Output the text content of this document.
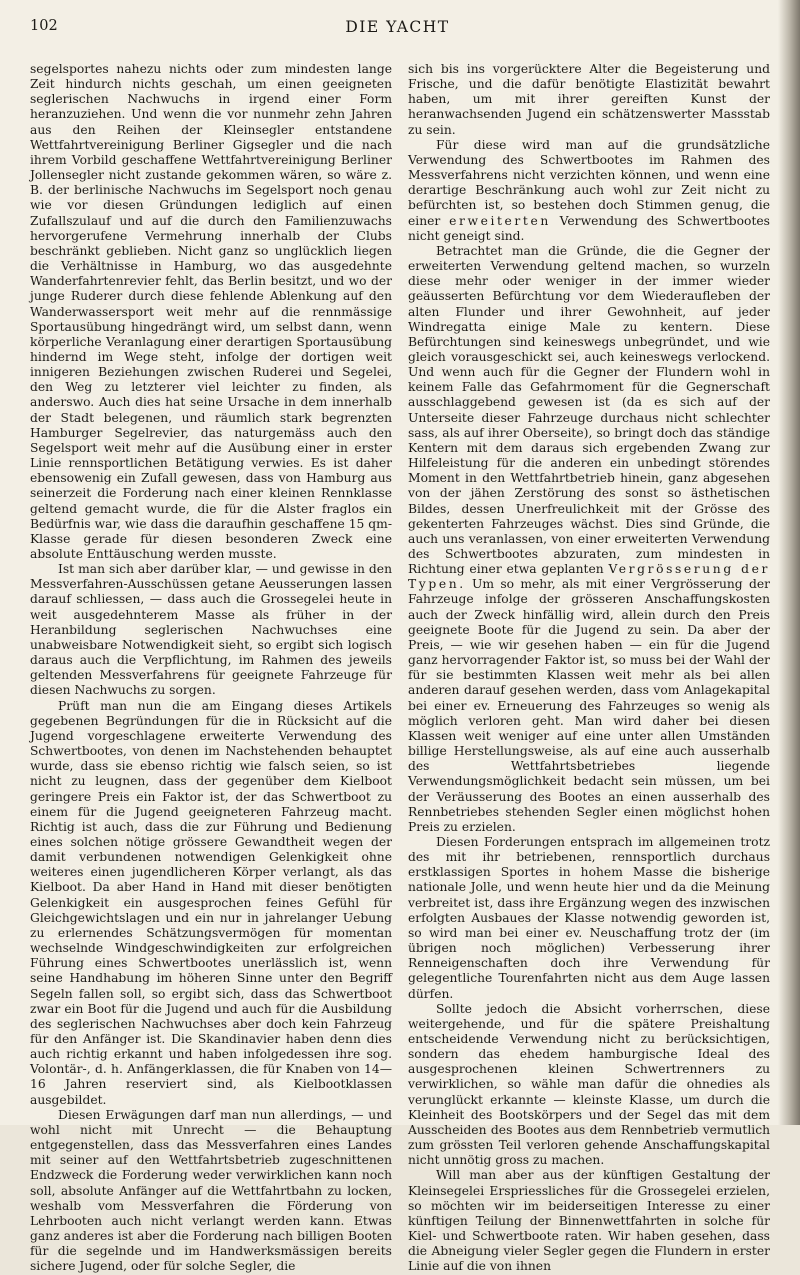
102	DIE YACHT

segelsportes nahezu nichts oder zum mindesten lange Zeit hindurch nichts geschah, um einen geeigneten seglerischen Nachwuchs in irgend einer Form heranzuziehen. Und wenn die vor nunmehr zehn Jahren aus den Reihen der Kleinsegler entstandene Wettfahrtvereinigung Berliner Gigsegler und die nach ihrem Vorbild geschaffene Wettfahrtvereinigung Berliner Jollensegler nicht zustande gekommen wären, so wäre z. B. der berlinische Nachwuchs im Segelsport noch genau wie vor diesen Gründungen lediglich auf einen Zufallszulauf und auf die durch den Familienzuwachs hervorgerufene Vermehrung innerhalb der Clubs beschränkt geblieben. Nicht ganz so unglücklich liegen die Verhältnisse in Hamburg, wo das ausgedehnte Wanderfahrtenrevier fehlt, das Berlin besitzt, und wo der junge Ruderer durch diese fehlende Ablenkung auf den Wanderwassersport weit mehr auf die rennmässige Sportausübung hingedrängt wird, um selbst dann, wenn körperliche Veranlagung einer derartigen Sportausübung hindernd im Wege steht, infolge der dortigen weit innigeren Beziehungen zwischen Ruderei und Segelei, den Weg zu letzterer viel leichter zu finden, als anderswo. Auch dies hat seine Ursache in dem innerhalb der Stadt belegenen, und räumlich stark begrenzten Hamburger Segelrevier, das naturgemäss auch den Segelsport weit mehr auf die Ausübung einer in erster Linie rennsportlichen Betätigung verwies. Es ist daher ebensowenig ein Zufall gewesen, dass von Hamburg aus seinerzeit die Forderung nach einer kleinen Rennklasse geltend gemacht wurde, die für die Alster fraglos ein Bedürfnis war, wie dass die daraufhin geschaffene 15 qm-Klasse gerade für diesen besonderen Zweck eine absolute Enttäuschung werden musste.

Ist man sich aber darüber klar, — und gewisse in den Messverfahren-Ausschüssen getane Aeusserungen lassen darauf schliessen, — dass auch die Grossegelei heute in weit ausgedehnterem Masse als früher in der Heranbildung seglerischen Nachwuchses eine unabweisbare Notwendigkeit sieht, so ergibt sich logisch daraus auch die Verpflichtung, im Rahmen des jeweils geltenden Messverfahrens für geeignete Fahrzeuge für diesen Nachwuchs zu sorgen.

Prüft man nun die am Eingang dieses Artikels gegebenen Begründungen für die in Rücksicht auf die Jugend vorgeschlagene erweiterte Verwendung des Schwertbootes, von denen im Nachstehenden behauptet wurde, dass sie ebenso richtig wie falsch seien, so ist nicht zu leugnen, dass der gegenüber dem Kielboot geringere Preis ein Faktor ist, der das Schwertboot zu einem für die Jugend geeigneteren Fahrzeug macht. Richtig ist auch, dass die zur Führung und Bedienung eines solchen nötige grössere Gewandtheit wegen der damit verbundenen notwendigen Gelenkigkeit ohne weiteres einen jugendlicheren Körper verlangt, als das Kielboot. Da aber Hand in Hand mit dieser benötigten Gelenkigkeit ein ausgesprochen feines Gefühl für Gleichgewichtslagen und ein nur in jahrelanger Uebung zu erlernendes Schätzungsvermögen für momentan wechselnde Windgeschwindigkeiten zur erfolgreichen Führung eines Schwertbootes unerlässlich ist, wenn seine Handhabung im höheren Sinne unter den Begriff Segeln fallen soll, so ergibt sich, dass das Schwertboot zwar ein Boot für die Jugend und auch für die Ausbildung des seglerischen Nachwuchses aber doch kein Fahrzeug für den Anfänger ist. Die Skandinavier haben denn dies auch richtig erkannt und haben infolgedessen ihre sog. Volontär-, d. h. Anfängerklassen, die für Knaben von 14—16 Jahren reserviert sind, als Kielbootklassen ausgebildet.

Diesen Erwägungen darf man nun allerdings, — und wohl nicht mit Unrecht — die Behauptung entgegenstellen, dass das Messverfahren eines Landes mit seiner auf den Wettfahrtsbetrieb zugeschnittenen Endzweck die Forderung weder verwirklichen kann noch soll, absolute Anfänger auf die Wettfahrtbahn zu locken, weshalb vom Messverfahren die Förderung von Lehrbooten auch nicht verlangt werden kann. Etwas ganz anderes ist aber die Forderung nach billigen Booten für die segelnde und im Handwerksmässigen bereits sichere Jugend, oder für solche Segler, die

sich bis ins vorgerücktere Alter die Begeisterung und Frische, und die dafür benötigte Elastizität bewahrt haben, um mit ihrer gereiften Kunst der heranwachsenden Jugend ein schätzenswerter Massstab zu sein.

Für diese wird man auf die grundsätzliche Verwendung des Schwertbootes im Rahmen des Messverfahrens nicht verzichten können, und wenn eine derartige Beschränkung auch wohl zur Zeit nicht zu befürchten ist, so bestehen doch Stimmen genug, die einer erweiterten Verwendung des Schwertbootes nicht geneigt sind.

Betrachtet man die Gründe, die die Gegner der erweiterten Verwendung geltend machen, so wurzeln diese mehr oder weniger in der immer wieder geäusserten Befürchtung vor dem Wiederaufleben der alten Flunder und ihrer Gewohnheit, auf jeder Windregatta einige Male zu kentern. Diese Befürchtungen sind keineswegs unbegründet, und wie gleich vorausgeschickt sei, auch keineswegs verlockend. Und wenn auch für die Gegner der Flundern wohl in keinem Falle das Gefahrmoment für die Gegnerschaft ausschlaggebend gewesen ist (da es sich auf der Unterseite dieser Fahrzeuge durchaus nicht schlechter sass, als auf ihrer Oberseite), so bringt doch das ständige Kentern mit dem daraus sich ergebenden Zwang zur Hilfeleistung für die anderen ein unbedingt störendes Moment in den Wettfahrtbetrieb hinein, ganz abgesehen von der jähen Zerstörung des sonst so ästhetischen Bildes, dessen Unerfreulichkeit mit der Grösse des gekenterten Fahrzeuges wächst. Dies sind Gründe, die auch uns veranlassen, von einer erweiterten Verwendung des Schwertbootes abzuraten, zum mindesten in Richtung einer etwa geplanten Vergrösserung der Typen. Um so mehr, als mit einer Vergrösserung der Fahrzeuge infolge der grösseren Anschaffungskosten auch der Zweck hinfällig wird, allein durch den Preis geeignete Boote für die Jugend zu sein. Da aber der Preis, — wie wir gesehen haben — ein für die Jugend ganz hervorragender Faktor ist, so muss bei der Wahl der für sie bestimmten Klassen weit mehr als bei allen anderen darauf gesehen werden, dass vom Anlagekapital bei einer ev. Erneuerung des Fahrzeuges so wenig als möglich verloren geht. Man wird daher bei diesen Klassen weit weniger auf eine unter allen Umständen billige Herstellungsweise, als auf eine auch ausserhalb des Wettfahrtsbetriebes liegende Verwendungsmöglichkeit bedacht sein müssen, um bei der Veräusserung des Bootes an einen ausserhalb des Rennbetriebes stehenden Segler einen möglichst hohen Preis zu erzielen.

Diesen Forderungen entsprach im allgemeinen trotz des mit ihr betriebenen, rennsportlich durchaus erstklassigen Sportes in hohem Masse die bisherige nationale Jolle, und wenn heute hier und da die Meinung verbreitet ist, dass ihre Ergänzung wegen des inzwischen erfolgten Ausbaues der Klasse notwendig geworden ist, so wird man bei einer ev. Neuschaffung trotz der (im übrigen noch möglichen) Verbesserung ihrer Renneigenschaften doch ihre Verwendung für gelegentliche Tourenfahrten nicht aus dem Auge lassen dürfen.

Sollte jedoch die Absicht vorherrschen, diese weitergehende, und für die spätere Preishaltung entscheidende Verwendung nicht zu berücksichtigen, sondern das ehedem hamburgische Ideal des ausgesprochenen kleinen Schwertrenners zu verwirklichen, so wähle man dafür die ohnedies als verunglückt erkannte — kleinste Klasse, um durch die Kleinheit des Bootskörpers und der Segel das mit dem Ausscheiden des Bootes aus dem Rennbetrieb vermutlich zum grössten Teil verloren gehende Anschaffungskapital nicht unnötig gross zu machen.

Will man aber aus der künftigen Gestaltung der Kleinsegelei Erspriessliches für die Grossegelei erzielen, so möchten wir im beiderseitigen Interesse zu einer künftigen Teilung der Binnenwettfahrten in solche für Kiel- und Schwertboote raten. Wir haben gesehen, dass die Abneigung vieler Segler gegen die Flundern in erster Linie auf die von ihnen
